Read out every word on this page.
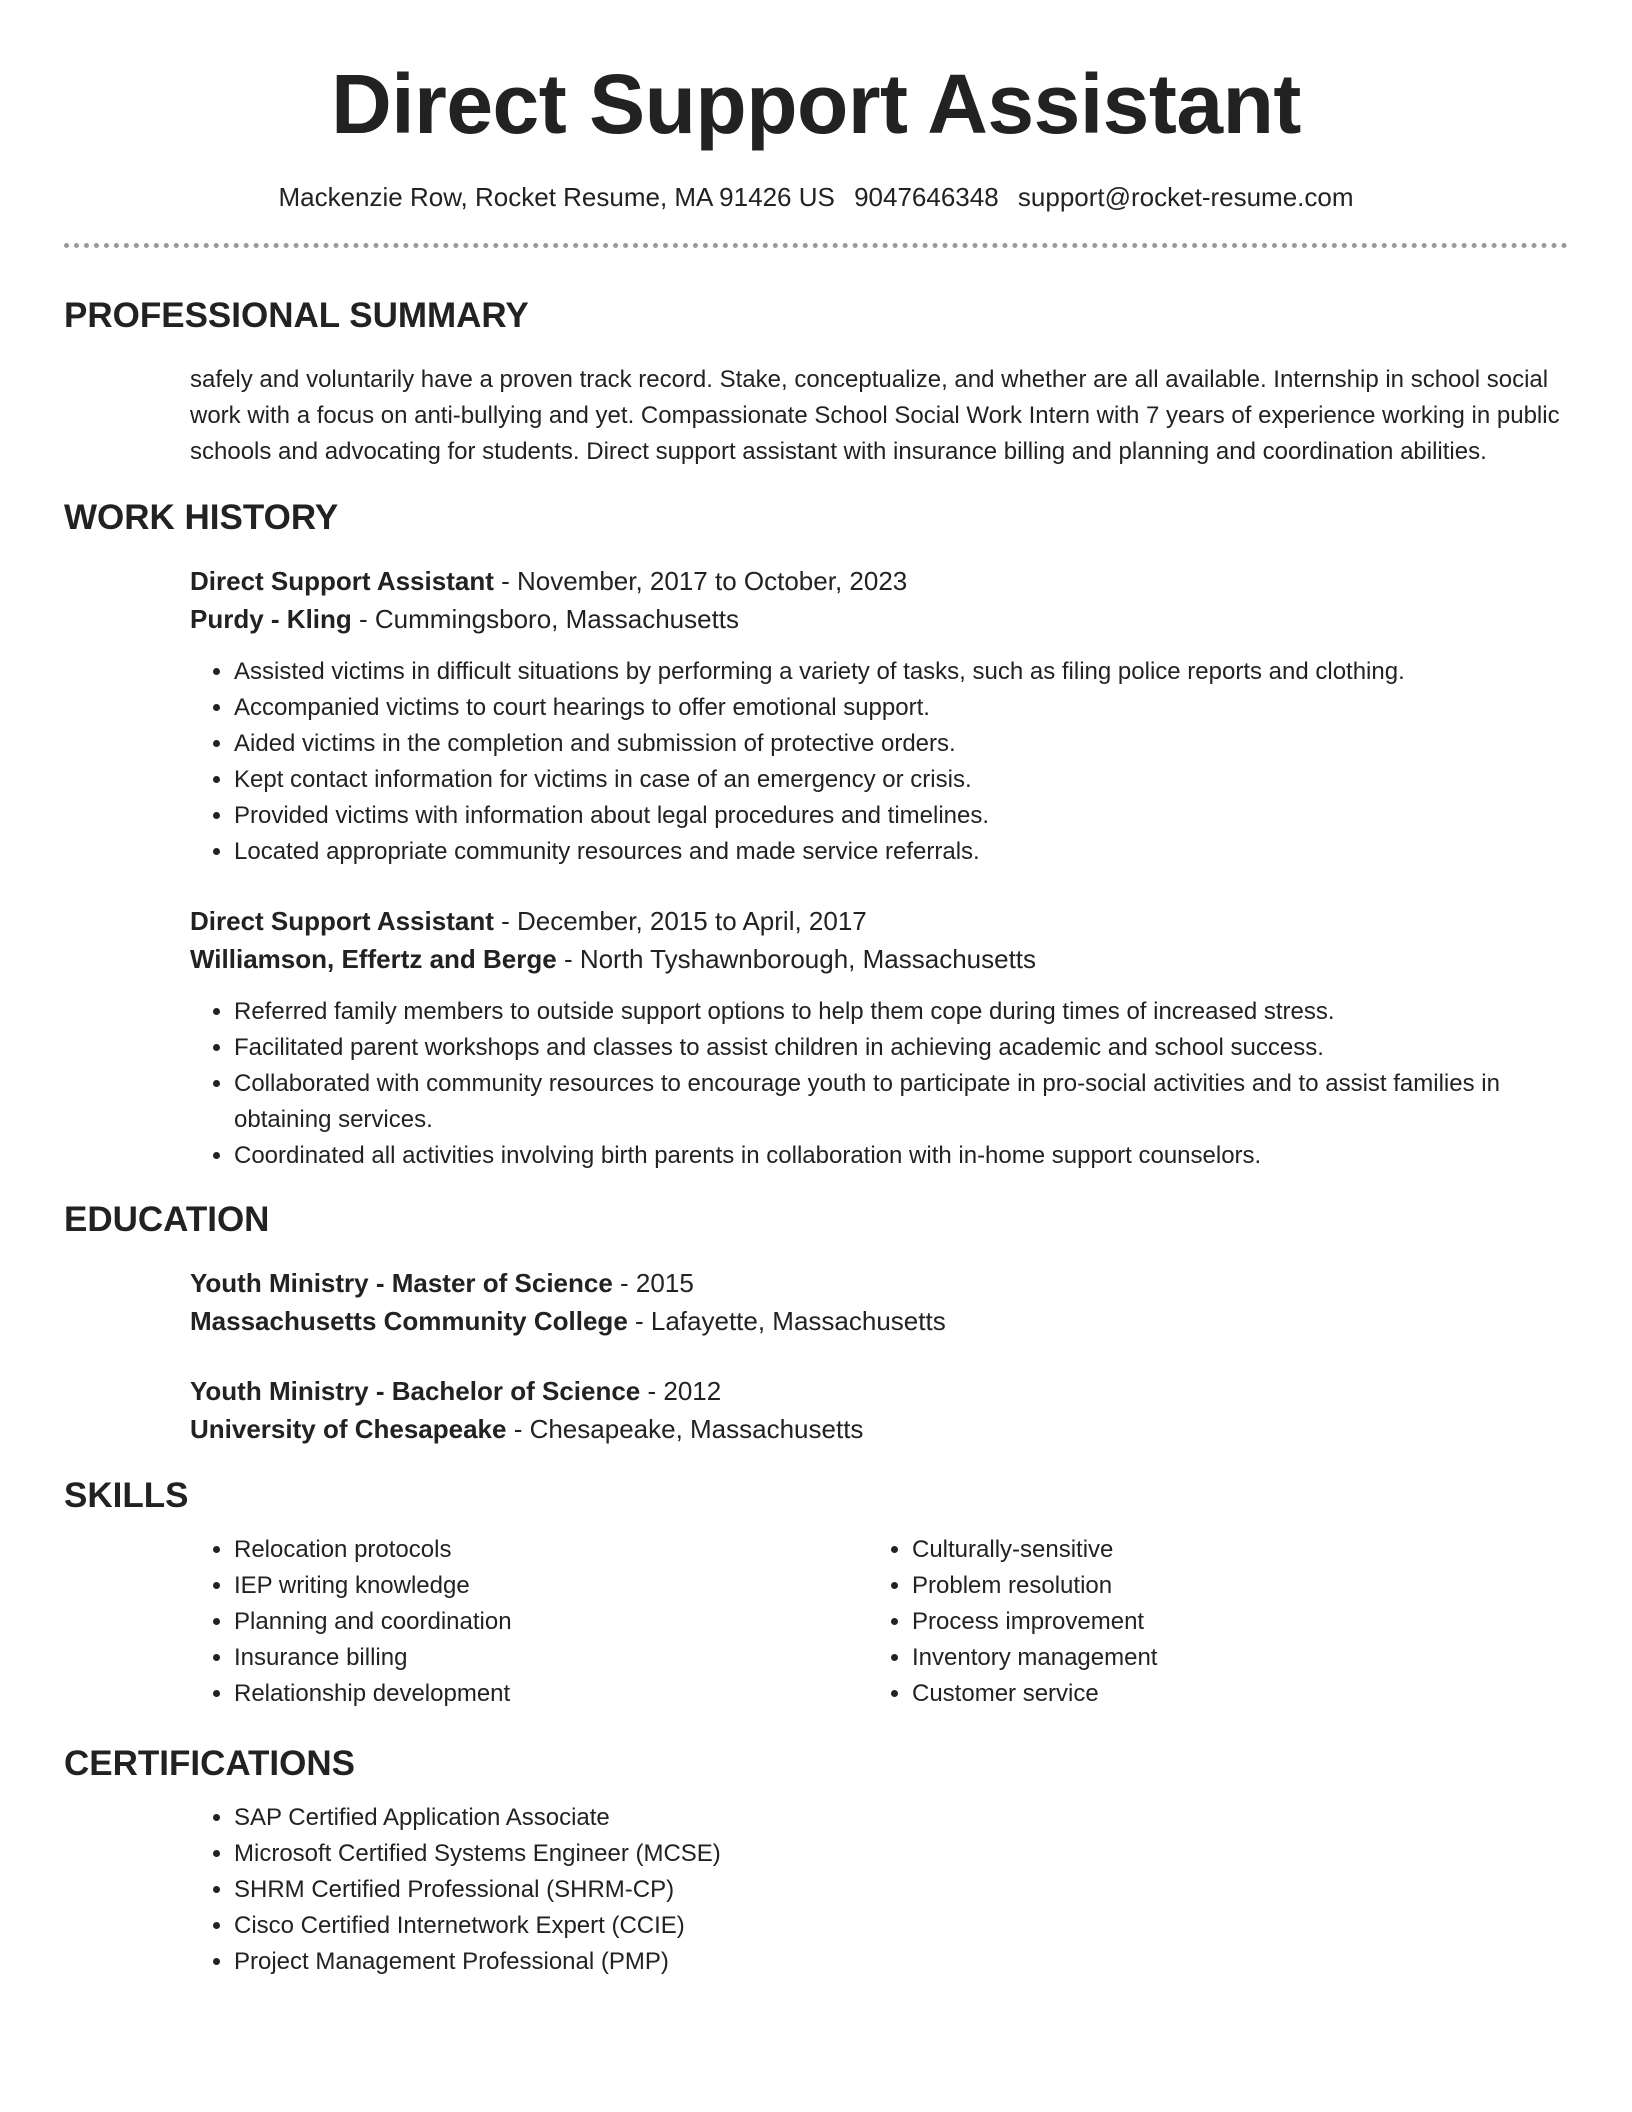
Direct Support Assistant
Mackenzie Row, Rocket Resume, MA 91426 US 9047646348 support@rocket-resume.com
PROFESSIONAL SUMMARY

safely and voluntarily have a proven track record. Stake, conceptualize, and whether are all available. Internship in school social work with a focus on anti-bullying and yet. Compassionate School Social Work Intern with 7 years of experience working in public schools and advocating for students. Direct support assistant with insurance billing and planning and coordination abilities.

WORK HISTORY
Direct Support Assistant - November, 2017 to October, 2023
Purdy - Kling - Cummingsboro, Massachusetts
• Assisted victims in difficult situations by performing a variety of tasks, such as filing police reports and clothing.
• Accompanied victims to court hearings to offer emotional support.
• Aided victims in the completion and submission of protective orders.
• Kept contact information for victims in case of an emergency or crisis.
• Provided victims with information about legal procedures and timelines.
• Located appropriate community resources and made service referrals.
Direct Support Assistant - December, 2015 to April, 2017
Williamson, Effertz and Berge - North Tyshawnborough, Massachusetts
• Referred family members to outside support options to help them cope during times of increased stress.
• Facilitated parent workshops and classes to assist children in achieving academic and school success.
• Collaborated with community resources to encourage youth to participate in pro-social activities and to assist families in obtaining services.
• Coordinated all activities involving birth parents in collaboration with in-home support counselors.
EDUCATION
Youth Ministry - Master of Science - 2015
Massachusetts Community College - Lafayette, Massachusetts
Youth Ministry - Bachelor of Science - 2012
University of Chesapeake - Chesapeake, Massachusetts
SKILLS
• Relocation protocols
• IEP writing knowledge
• Planning and coordination
• Insurance billing
• Relationship development
• Culturally-sensitive
• Problem resolution
• Process improvement
• Inventory management
• Customer service
CERTIFICATIONS
• SAP Certified Application Associate
• Microsoft Certified Systems Engineer (MCSE)
• SHRM Certified Professional (SHRM-CP)
• Cisco Certified Internetwork Expert (CCIE)
• Project Management Professional (PMP)
